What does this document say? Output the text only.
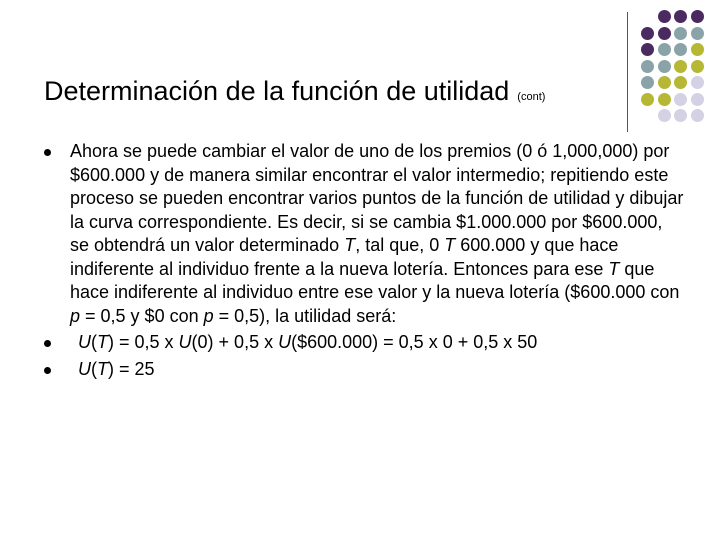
Determinación de la función de utilidad (cont)
Ahora se puede cambiar el valor de uno de los premios (0 ó 1,000,000) por $600.000 y de manera similar encontrar el valor intermedio; repitiendo este proceso se pueden encontrar varios puntos de la función de utilidad y dibujar la curva correspondiente. Es decir, si se cambia $1.000.000 por $600.000, se obtendrá un valor determinado T, tal que, 0 T 600.000 y que hace indiferente al individuo frente a la nueva lotería. Entonces para ese T que hace indiferente al individuo entre ese valor y la nueva lotería ($600.000 con p = 0,5 y $0 con p = 0,5), la utilidad será:
U(T) = 0,5 x U(0) + 0,5 x U($600.000) = 0,5 x 0 + 0,5 x 50
U(T) = 25
